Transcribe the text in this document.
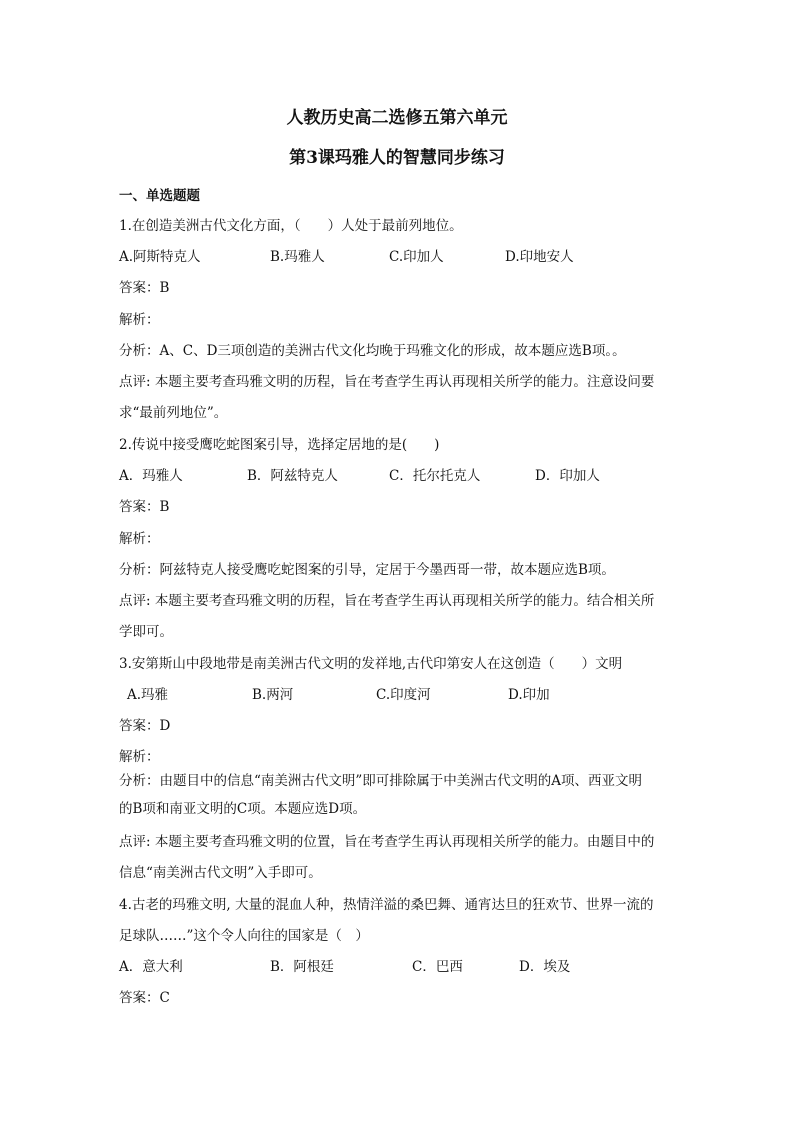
人教历史高二选修五第六单元
第3课玛雅人的智慧同步练习
一、单选题题
1.在创造美洲古代文化方面，（　　）人处于最前列地位。
A.阿斯特克人	B.玛雅人	C.印加人	D.印地安人
答案：B
解析：
分析：A、C、D三项创造的美洲古代文化均晚于玛雅文化的形成，故本题应选B项。。
点评: 本题主要考查玛雅文明的历程，旨在考查学生再认再现相关所学的能力。注意设问要
求“最前列地位”。
2.传说中接受鹰吃蛇图案引导，选择定居地的是(　　)
A．玛雅人	B．阿兹特克人	C．托尔托克人	D．印加人
答案：B
解析：
分析：阿兹特克人接受鹰吃蛇图案的引导，定居于今墨西哥一带，故本题应选B项。
点评: 本题主要考查玛雅文明的历程，旨在考查学生再认再现相关所学的能力。结合相关所
学即可。
3.安第斯山中段地带是南美洲古代文明的发祥地,古代印第安人在这创造（　　）文明
A.玛雅	B.两河	C.印度河	D.印加
答案：D
解析：
分析：由题目中的信息“南美洲古代文明”即可排除属于中美洲古代文明的A项、西亚文明
的B项和南亚文明的C项。本题应选D项。
点评: 本题主要考查玛雅文明的位置，旨在考查学生再认再现相关所学的能力。由题目中的
信息“南美洲古代文明”入手即可。
4.古老的玛雅文明, 大量的混血人种，热情洋溢的桑巴舞、通宵达旦的狂欢节、世界一流的
足球队……”这个令人向往的国家是（　）
A．意大利	B．阿根廷	C．巴西	D．埃及
答案：C
